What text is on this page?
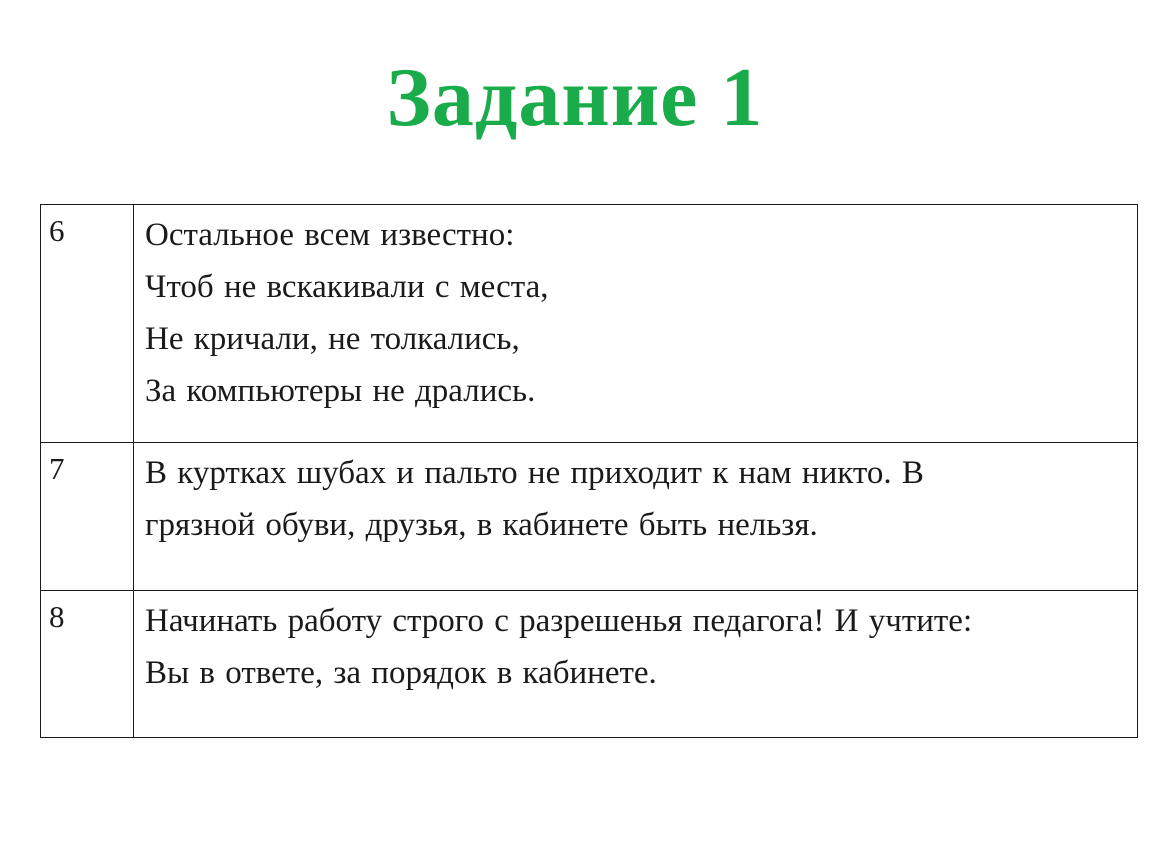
Задание 1
6	Остальное всем известно:
Чтоб не вскакивали с места,
Не кричали, не толкались,
За компьютеры не дрались.

7	В куртках шубах и пальто не приходит к нам никто. В
грязной обуви, друзья, в кабинете быть нельзя.

8	Начинать работу строго с разрешенья педагога! И учтите:
Вы в ответе, за порядок в кабинете.
